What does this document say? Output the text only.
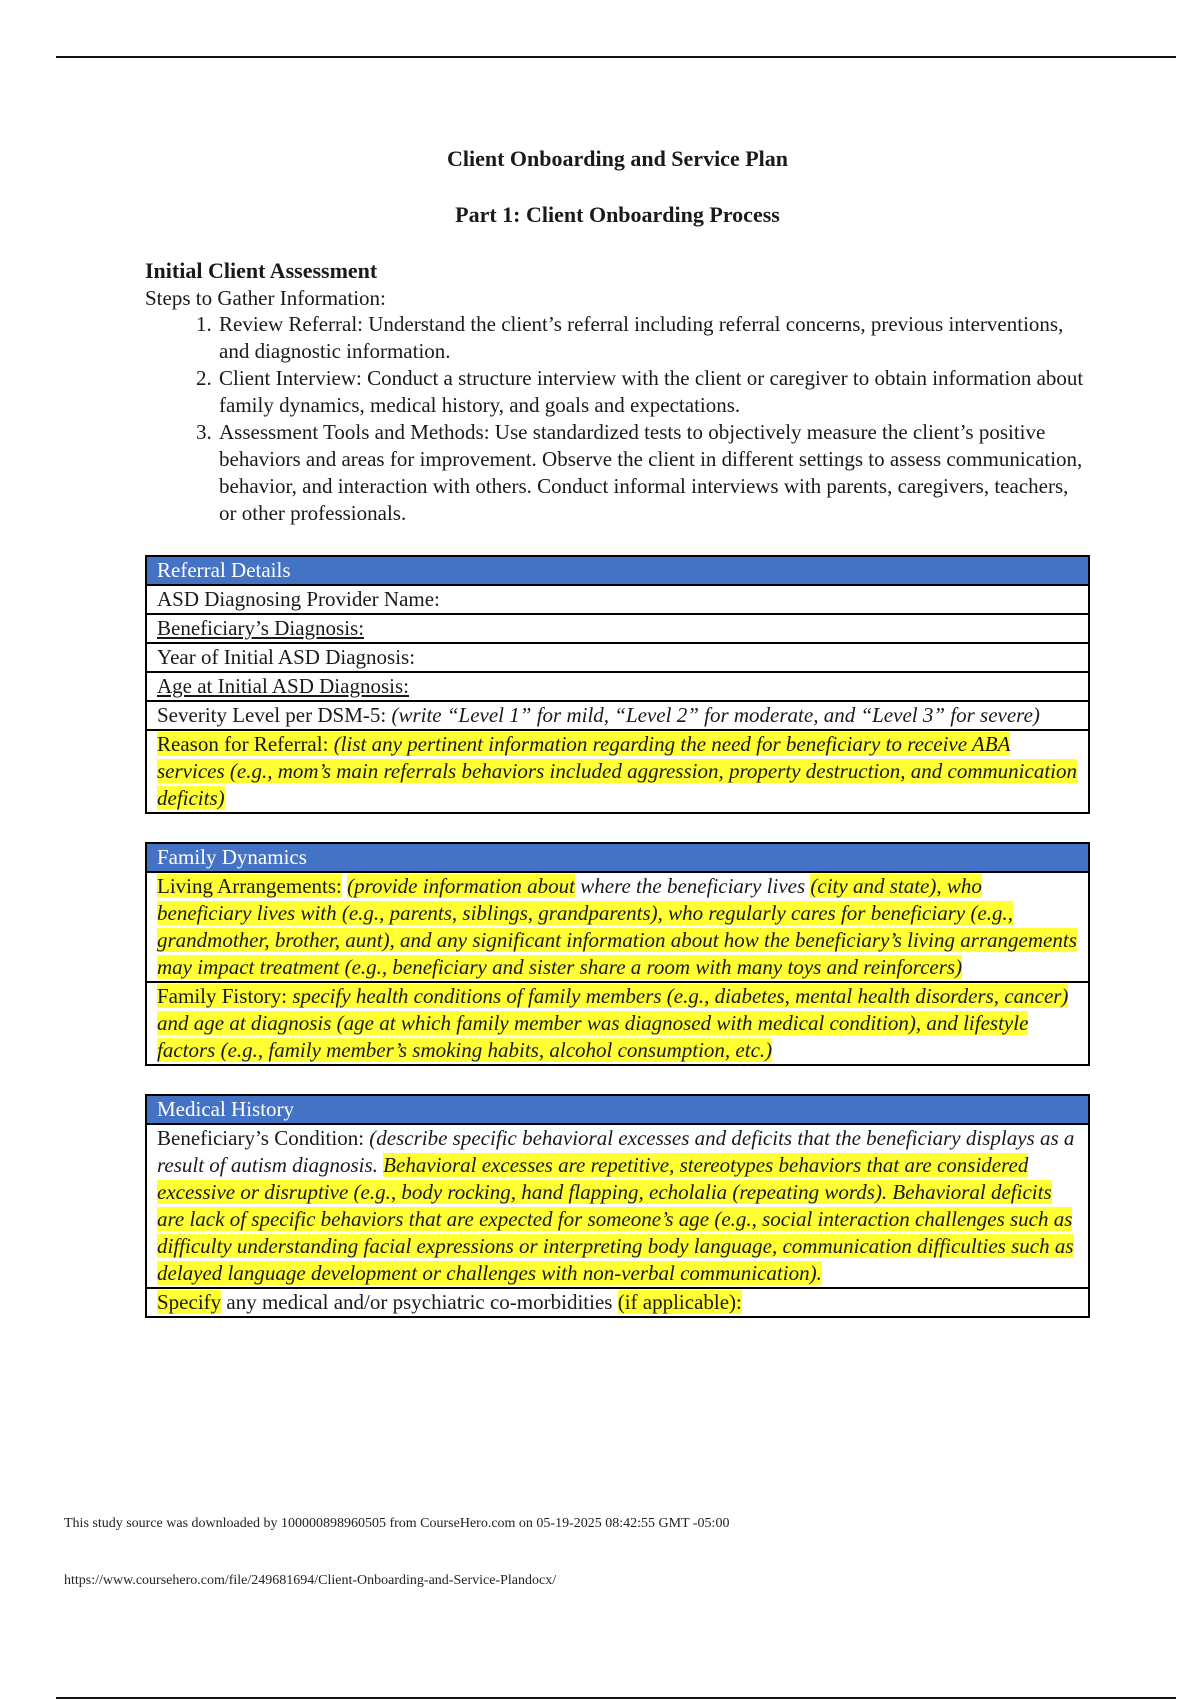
Client Onboarding and Service Plan
Part 1: Client Onboarding Process
Initial Client Assessment
Steps to Gather Information:
1. Review Referral: Understand the client’s referral including referral concerns, previous interventions, and diagnostic information.
2. Client Interview: Conduct a structure interview with the client or caregiver to obtain information about family dynamics, medical history, and goals and expectations.
3. Assessment Tools and Methods: Use standardized tests to objectively measure the client’s positive behaviors and areas for improvement. Observe the client in different settings to assess communication, behavior, and interaction with others. Conduct informal interviews with parents, caregivers, teachers, or other professionals.
Referral Details
ASD Diagnosing Provider Name:
Beneficiary’s Diagnosis:
Year of Initial ASD Diagnosis:
Age at Initial ASD Diagnosis:
Severity Level per DSM-5: (write “Level 1” for mild, “Level 2” for moderate, and “Level 3” for severe)
Reason for Referral: (list any pertinent information regarding the need for beneficiary to receive ABA services (e.g., mom’s main referrals behaviors included aggression, property destruction, and communication deficits)
Family Dynamics
Living Arrangements: (provide information about where the beneficiary lives (city and state), who beneficiary lives with (e.g., parents, siblings, grandparents), who regularly cares for beneficiary (e.g., grandmother, brother, aunt), and any significant information about how the beneficiary’s living arrangements may impact treatment (e.g., beneficiary and sister share a room with many toys and reinforcers)
Family Fistory: specify health conditions of family members (e.g., diabetes, mental health disorders, cancer) and age at diagnosis (age at which family member was diagnosed with medical condition), and lifestyle factors (e.g., family member’s smoking habits, alcohol consumption, etc.)
Medical History
Beneficiary’s Condition: (describe specific behavioral excesses and deficits that the beneficiary displays as a result of autism diagnosis. Behavioral excesses are repetitive, stereotypes behaviors that are considered excessive or disruptive (e.g., body rocking, hand flapping, echolalia (repeating words). Behavioral deficits are lack of specific behaviors that are expected for someone’s age (e.g., social interaction challenges such as difficulty understanding facial expressions or interpreting body language, communication difficulties such as delayed language development or challenges with non-verbal communication).
Specify any medical and/or psychiatric co-morbidities (if applicable):
This study source was downloaded by 100000898960505 from CourseHero.com on 05-19-2025 08:42:55 GMT -05:00
https://www.coursehero.com/file/249681694/Client-Onboarding-and-Service-Plandocx/
